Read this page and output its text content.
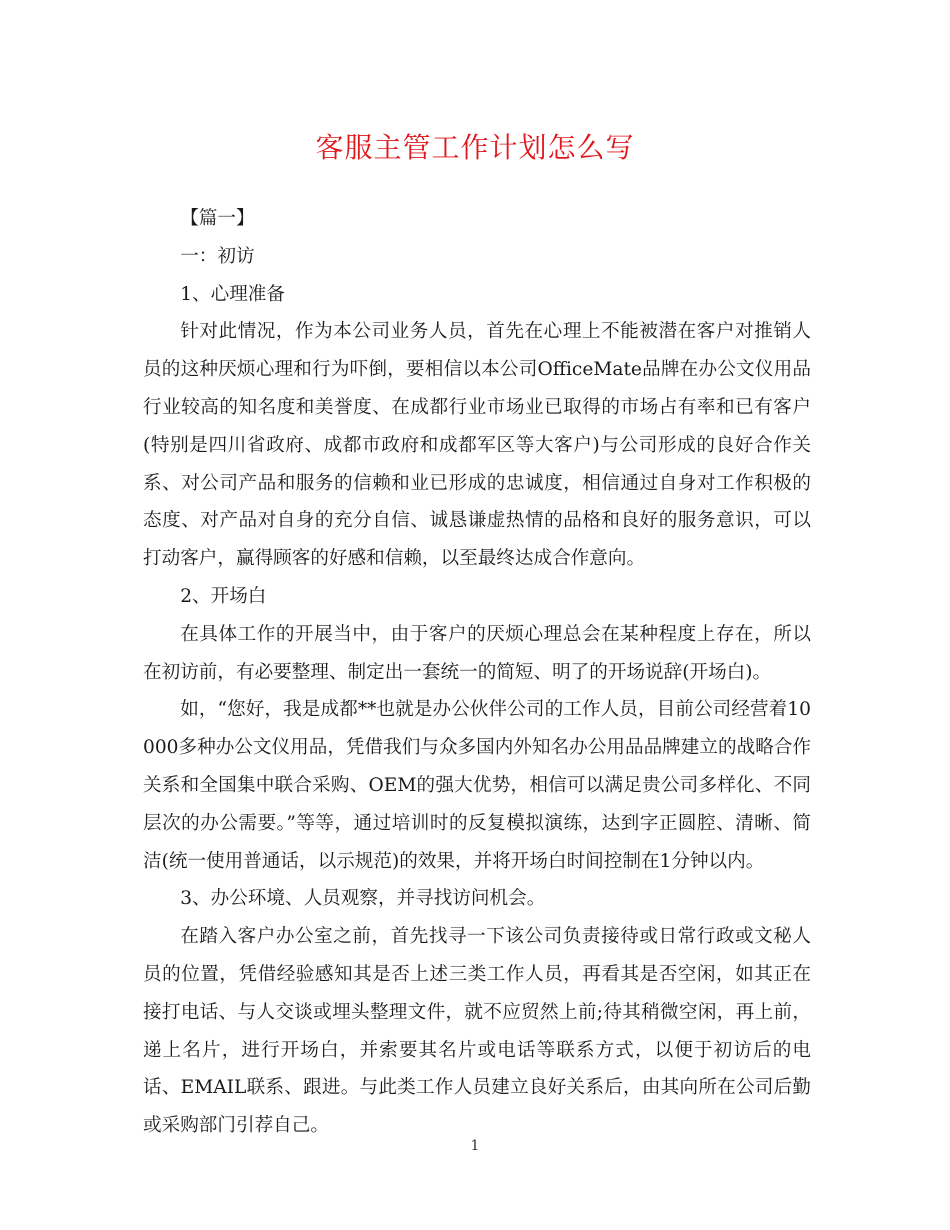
客服主管工作计划怎么写

【篇一】

一：初访

1、心理准备

针对此情况，作为本公司业务人员，首先在心理上不能被潜在客户对推销人员的这种厌烦心理和行为吓倒，要相信以本公司OfficeMate品牌在办公文仪用品行业较高的知名度和美誉度、在成都行业市场业已取得的市场占有率和已有客户(特别是四川省政府、成都市政府和成都军区等大客户)与公司形成的良好合作关系、对公司产品和服务的信赖和业已形成的忠诚度，相信通过自身对工作积极的态度、对产品对自身的充分自信、诚恳谦虚热情的品格和良好的服务意识，可以打动客户，赢得顾客的好感和信赖，以至最终达成合作意向。

2、开场白

在具体工作的开展当中，由于客户的厌烦心理总会在某种程度上存在，所以在初访前，有必要整理、制定出一套统一的简短、明了的开场说辞(开场白)。

如，“您好，我是成都**也就是办公伙伴公司的工作人员，目前公司经营着10000多种办公文仪用品，凭借我们与众多国内外知名办公用品品牌建立的战略合作关系和全国集中联合采购、OEM的强大优势，相信可以满足贵公司多样化、不同层次的办公需要。”等等，通过培训时的反复模拟演练，达到字正圆腔、清晰、简洁(统一使用普通话，以示规范)的效果，并将开场白时间控制在1分钟以内。

3、办公环境、人员观察，并寻找访问机会。

在踏入客户办公室之前，首先找寻一下该公司负责接待或日常行政或文秘人员的位置，凭借经验感知其是否上述三类工作人员，再看其是否空闲，如其正在接打电话、与人交谈或埋头整理文件，就不应贸然上前;待其稍微空闲，再上前，递上名片，进行开场白，并索要其名片或电话等联系方式，以便于初访后的电话、EMAIL联系、跟进。与此类工作人员建立良好关系后，由其向所在公司后勤或采购部门引荐自己。

1
